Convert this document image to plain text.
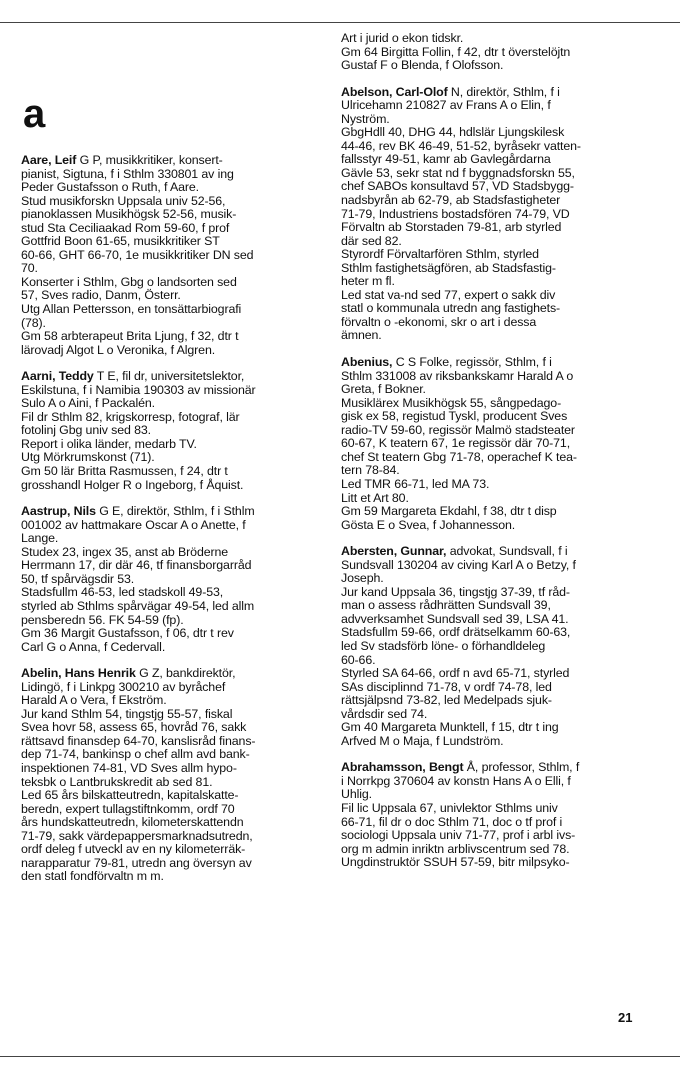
a
Aare, Leif G P, musikkritiker, konsert-
pianist, Sigtuna, f i Sthlm 330801 av ing
Peder Gustafsson o Ruth, f Aare.
Stud musikforskn Uppsala univ 52-56,
pianoklassen Musikhögsk 52-56, musik-
stud Sta Ceciliaakad Rom 59-60, f prof
Gottfrid Boon 61-65, musikkritiker ST
60-66, GHT 66-70, 1e musikkritiker DN sed
70.
Konserter i Sthlm, Gbg o landsorten sed
57, Sves radio, Danm, Österr.
Utg Allan Pettersson, en tonsättarbiografi
(78).
Gm 58 arbterapeut Brita Ljung, f 32, dtr t
lärovadj Algot L o Veronika, f Algren.
Aarni, Teddy T E, fil dr, universitetslektor,
Eskilstuna, f i Namibia 190303 av missionär
Sulo A o Aini, f Packalén.
Fil dr Sthlm 82, krigskorresp, fotograf, lär
fotolinj Gbg univ sed 83.
Report i olika länder, medarb TV.
Utg Mörkrumskonst (71).
Gm 50 lär Britta Rasmussen, f 24, dtr t
grosshandl Holger R o Ingeborg, f Åquist.
Aastrup, Nils G E, direktör, Sthlm, f i Sthlm
001002 av hattmakare Oscar A o Anette, f
Lange.
Studex 23, ingex 35, anst ab Bröderne
Herrmann 17, dir där 46, tf finansborgarråd
50, tf spårvägsdir 53.
Stadsfullm 46-53, led stadskoll 49-53,
styrled ab Sthlms spårvägar 49-54, led allm
pensberedn 56. FK 54-59 (fp).
Gm 36 Margit Gustafsson, f 06, dtr t rev
Carl G o Anna, f Cedervall.
Abelin, Hans Henrik G Z, bankdirektör,
Lidingö, f i Linkpg 300210 av byråchef
Harald A o Vera, f Ekström.
Jur kand Sthlm 54, tingstjg 55-57, fiskal
Svea hovr 58, assess 65, hovråd 76, sakk
rättsavd finansdep 64-70, kanslisråd finans-
dep 71-74, bankinsp o chef allm avd bank-
inspektionen 74-81, VD Sves allm hypo-
teksbk o Lantbrukskredit ab sed 81.
Led 65 års bilskatteutredn, kapitalskatte-
beredn, expert tullagstiftnkomm, ordf 70
års hundskatteutredn, kilometerskattendn
71-79, sakk värdepappersmarknadsutredn,
ordf deleg f utveckl av en ny kilometerräk-
narapparatur 79-81, utredn ang översyn av
den statl fondförvaltn m m.
Art i jurid o ekon tidskr.
Gm 64 Birgitta Follin, f 42, dtr t överstelöjtn
Gustaf F o Blenda, f Olofsson.
Abelson, Carl-Olof N, direktör, Sthlm, f i
Ulricehamn 210827 av Frans A o Elin, f
Nyström.
GbgHdll 40, DHG 44, hdlslär Ljungskilesk
44-46, rev BK 46-49, 51-52, byråsekr vatten-
fallsstyr 49-51, kamr ab Gavlegårdarna
Gävle 53, sekr stat nd f byggnadsforskn 55,
chef SABOs konsultavd 57, VD Stadsbygg-
nadsbyrån ab 62-79, ab Stadsfastigheter
71-79, Industriens bostadsfören 74-79, VD
Förvaltn ab Storstaden 79-81, arb styrled
där sed 82.
Styrordf Förvaltarfören Sthlm, styrled
Sthlm fastighetsägfören, ab Stadsfastig-
heter m fl.
Led stat va-nd sed 77, expert o sakk div
statl o kommunala utredn ang fastighets-
förvaltn o -ekonomi, skr o art i dessa
ämnen.
Abenius, C S Folke, regissör, Sthlm, f i
Sthlm 331008 av riksbankskamr Harald A o
Greta, f Bokner.
Musiklärex Musikhögsk 55, sångpedago-
gisk ex 58, registud Tyskl, producent Sves
radio-TV 59-60, regissör Malmö stadsteater
60-67, K teatern 67, 1e regissör där 70-71,
chef St teatern Gbg 71-78, operachef K tea-
tern 78-84.
Led TMR 66-71, led MA 73.
Litt et Art 80.
Gm 59 Margareta Ekdahl, f 38, dtr t disp
Gösta E o Svea, f Johannesson.
Abersten, Gunnar, advokat, Sundsvall, f i
Sundsvall 130204 av civing Karl A o Betzy, f
Joseph.
Jur kand Uppsala 36, tingstjg 37-39, tf råd-
man o assess rådhrätten Sundsvall 39,
advverksamhet Sundsvall sed 39, LSA 41.
Stadsfullm 59-66, ordf drätselkamm 60-63,
led Sv stadsförb löne- o förhandldeleg
60-66.
Styrled SA 64-66, ordf n avd 65-71, styrled
SAs disciplinnd 71-78, v ordf 74-78, led
rättsjälpsnd 73-82, led Medelpads sjuk-
vårdsdir sed 74.
Gm 40 Margareta Munktell, f 15, dtr t ing
Arfved M o Maja, f Lundström.
Abrahamsson, Bengt Å, professor, Sthlm, f
i Norrkpg 370604 av konstn Hans A o Elli, f
Uhlig.
Fil lic Uppsala 67, univlektor Sthlms univ
66-71, fil dr o doc Sthlm 71, doc o tf prof i
sociologi Uppsala univ 71-77, prof i arbl ivs-
org m admin inriktn arblivscentrum sed 78.
Ungdinstruktör SSUH 57-59, bitr milpsyko-
21
